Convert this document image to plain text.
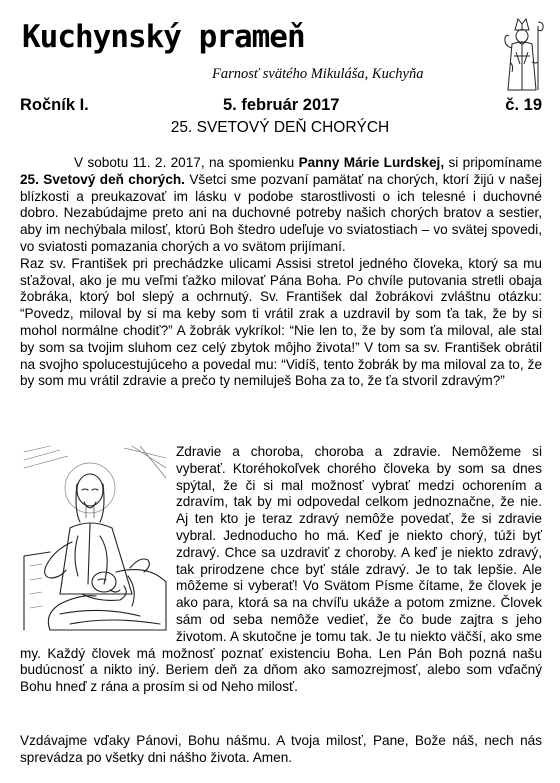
Kuchynský prameň
Farnosť svätého Mikuláša, Kuchyňa
Ročník I.	5. február 2017	č. 19
25. SVETOVÝ DEŇ CHORÝCH

V sobotu 11. 2. 2017, na spomienku Panny Márie Lurdskej, si pripomíname 25. Svetový deň chorých. Všetci sme pozvaní pamätať na chorých, ktorí žijú v našej blízkosti a preukazovať im lásku v podobe starostlivosti o ich telesné i duchovné dobro. Nezabúdajme preto ani na duchovné potreby našich chorých bratov a sestier, aby im nechýbala milosť, ktorú Boh štedro udeľuje vo sviatostiach – vo svätej spovedi, vo sviatosti pomazania chorých a vo svätom prijímaní.

Raz sv. František pri prechádzke ulicami Assisi stretol jedného človeka, ktorý sa mu sťažoval, ako je mu veľmi ťažko milovať Pána Boha. Po chvíle putovania stretli obaja žobráka, ktorý bol slepý a ochrnutý. Sv. František dal žobrákovi zvláštnu otázku: “Povedz, miloval by si ma keby som ti vrátil zrak a uzdravil by som ťa tak, že by si mohol normálne chodiť?” A žobrák vykríkol: “Nie len to, že by som ťa miloval, ale stal by som sa tvojim sluhom cez celý zbytok môjho života!” V tom sa sv. František obrátil na svojho spolucestujúceho a povedal mu: “Vidíš, tento žobrák by ma miloval za to, že by som mu vrátil zdravie a prečo ty nemiluješ Boha za to, že ťa stvoril zdravým?”

Zdravie a choroba, choroba a zdravie. Nemôžeme si vyberať. Ktoréhokoľvek chorého človeka by som sa dnes spýtal, že či si mal možnosť vybrať medzi ochorením a zdravím, tak by mi odpovedal celkom jednoznačne, že nie. Aj ten kto je teraz zdravý nemôže povedať, že si zdravie vybral. Jednoducho ho má. Keď je niekto chorý, túži byť zdravý. Chce sa uzdraviť z choroby. A keď je niekto zdravý, tak prirodzene chce byť stále zdravý. Je to tak lepšie. Ale môžeme si vyberať! Vo Svätom Písme čítame, že človek je ako para, ktorá sa na chvíľu ukáže a potom zmizne. Človek sám od seba nemôže vedieť, že čo bude zajtra s jeho životom. A skutočne je tomu tak. Je tu niekto väčší, ako sme my. Každý človek má možnosť poznať existenciu Boha. Len Pán Boh pozná našu budúcnosť a nikto iný. Beriem deň za dňom ako samozrejmosť, alebo som vďačný Bohu hneď z rána a prosím si od Neho milosť.

Vzdávajme vďaky Pánovi, Bohu nášmu. A tvoja milosť, Pane, Bože náš, nech nás sprevádza po všetky dni nášho života. Amen.
